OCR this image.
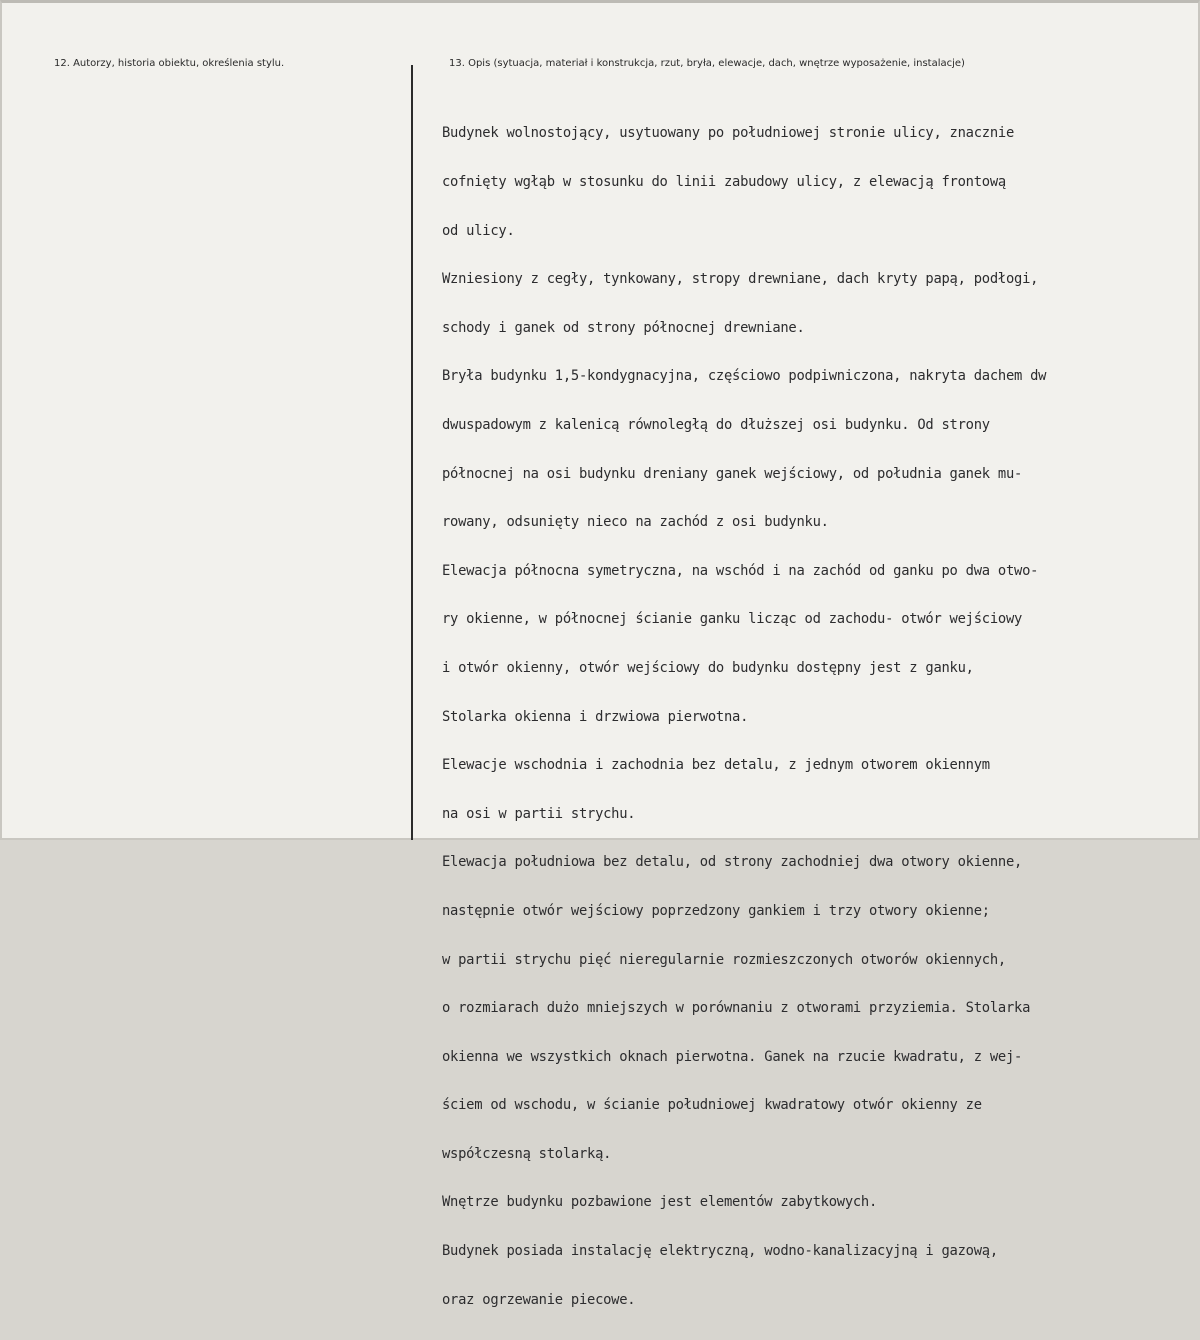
12. Autorzy, historia obiektu, określenia stylu.	13. Opis (sytuacja, materiał i konstrukcja, rzut, bryła, elewacje, dach, wnętrze wyposażenie, instalacje)

Budynek wolnostojący, usytuowany po południowej stronie ulicy, znacznie

cofnięty wgłąb w stosunku do linii zabudowy ulicy, z elewacją frontową

od ulicy.

Wzniesiony z cegły, tynkowany, stropy drewniane, dach kryty papą, podłogi,

schody i ganek od strony północnej drewniane.

Bryła budynku 1,5-kondygnacyjna, częściowo podpiwniczona, nakryta dachem dw

dwuspadowym z kalenicą równoległą do dłuższej osi budynku. Od strony

północnej na osi budynku dreniany ganek wejściowy, od południa ganek mu-

rowany, odsunięty nieco na zachód z osi budynku.

Elewacja północna symetryczna, na wschód i na zachód od ganku po dwa otwo-

ry okienne, w północnej ścianie ganku licząc od zachodu- otwór wejściowy

i otwór okienny, otwór wejściowy do budynku dostępny jest z ganku,

Stolarka okienna i drzwiowa pierwotna.

Elewacje wschodnia i zachodnia bez detalu, z jednym otworem okiennym

na osi w partii strychu.

Elewacja południowa bez detalu, od strony zachodniej dwa otwory okienne,

następnie otwór wejściowy poprzedzony gankiem i trzy otwory okienne;

w partii strychu pięć nieregularnie rozmieszczonych otworów okiennych,

o rozmiarach dużo mniejszych w porównaniu z otworami przyziemia. Stolarka

okienna we wszystkich oknach pierwotna. Ganek na rzucie kwadratu, z wej-

ściem od wschodu, w ścianie południowej kwadratowy otwór okienny ze

współczesną stolarką.

Wnętrze budynku pozbawione jest elementów zabytkowych.

Budynek posiada instalację elektryczną, wodno-kanalizacyjną i gazową,

oraz ogrzewanie piecowe.
